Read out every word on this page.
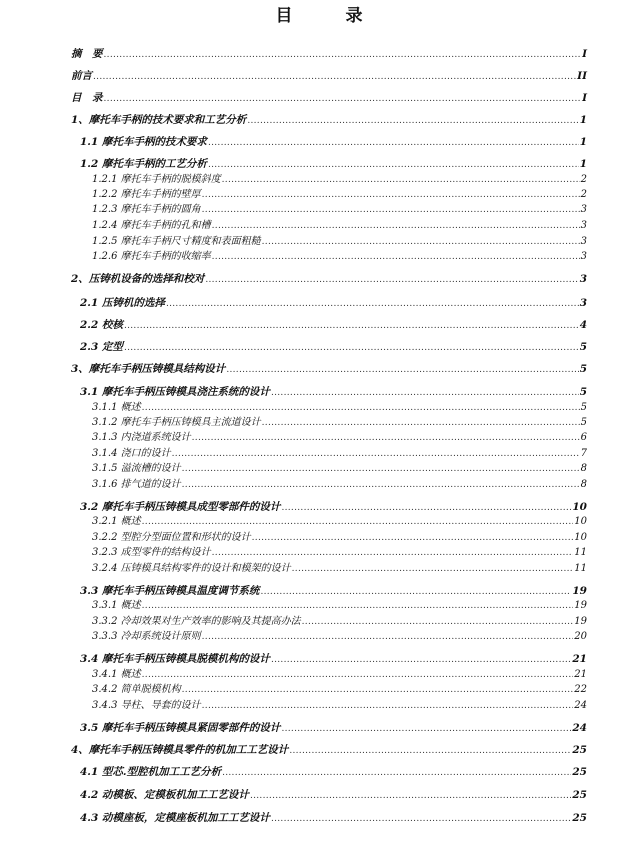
目　录
摘　要 .....	I
前言 .....	II
目　录 .....	I
1、摩托车手柄的技术要求和工艺分析 .....	1
1.1 摩托车手柄的技术要求 .....	1
1.2 摩托车手柄的工艺分析 .....	1
1.2.1 摩托车手柄的脱模斜度 .....	2
1.2.2 摩托车手柄的壁厚 .....	2
1.2.3 摩托车手柄的圆角 .....	3
1.2.4 摩托车手柄的孔和槽 .....	3
1.2.5 摩托车手柄尺寸精度和表面粗糙 .....	3
1.2.6 摩托车手柄的收缩率 .....	3
2、压铸机设备的选择和校对 .....	3
2.1 压铸机的选择 .....	3
2.2 校核 .....	4
2.3 定型 .....	5
3、摩托车手柄压铸模具结构设计 .....	5
3.1 摩托车手柄压铸模具浇注系统的设计 .....	5
3.1.1 概述 .....	5
3.1.2 摩托车手柄压铸模具主流道设计 .....	5
3.1.3 内浇道系统设计 .....	6
3.1.4 浇口的设计 .....	7
3.1.5 溢流槽的设计 .....	8
3.1.6 排气道的设计 .....	8
3.2 摩托车手柄压铸模具成型零部件的设计 .....	10
3.2.1 概述 .....	10
3.2.2 型腔分型面位置和形状的设计 .....	10
3.2.3 成型零件的结构设计 .....	11
3.2.4 压铸模具结构零件的设计和模架的设计 .....	11
3.3 摩托车手柄压铸模具温度调节系统 .....	19
3.3.1 概述 .....	19
3.3.2 冷却效果对生产效率的影响及其提高办法 .....	19
3.3.3 冷却系统设计原则 .....	20
3.4 摩托车手柄压铸模具脱模机构的设计 .....	21
3.4.1 概述 .....	21
3.4.2 简单脱模机构 .....	22
3.4.3 导柱、导套的设计 .....	24
3.5 摩托车手柄压铸模具紧固零部件的设计 .....	24
4、摩托车手柄压铸模具零件的机加工工艺设计 .....	25
4.1 型芯.型腔机加工工艺分析 .....	25
4.2 动模板、定模板机加工工艺设计 .....	25
4.3 动模座板，定模座板机加工工艺设计 .....	25
